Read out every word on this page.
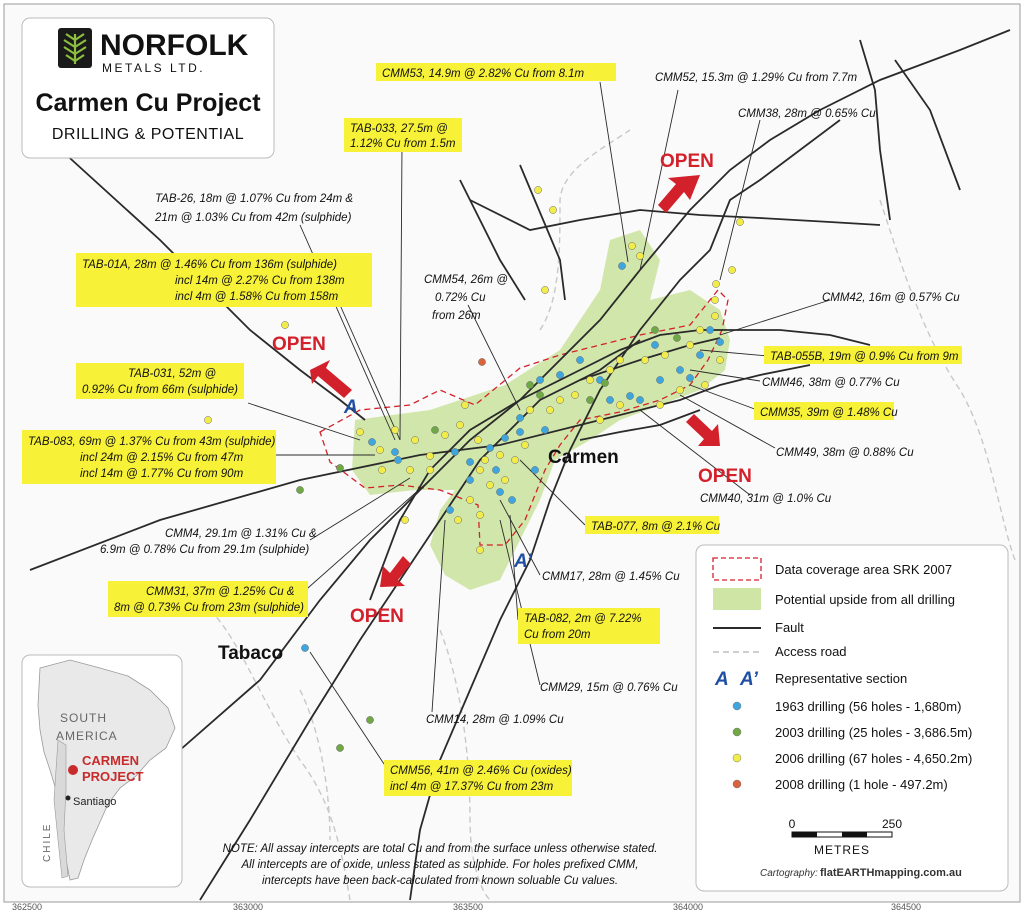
OPEN
OPEN
OPEN
OPEN
A
A’
Carmen
Tabaco
CMM53, 14.9m @ 2.82% Cu from 8.1m	CMM52, 15.3m @ 1.29% Cu from 7.7m
CMM38, 28m @ 0.65% Cu
TAB-033, 27.5m @
1.12% Cu from 1.5m
TAB-26, 18m @ 1.07% Cu from 24m &
21m @ 1.03% Cu from 42m (sulphide)
TAB-01A, 28m @ 1.46% Cu from 136m (sulphide)
incl 14m @ 2.27% Cu from 138m
incl 4m @ 1.58% Cu from 158m
CMM54, 26m @
0.72% Cu
from 26m
CMM42, 16m @ 0.57% Cu
TAB-055B, 19m @ 0.9% Cu from 9m
CMM46, 38m @ 0.77% Cu
CMM35, 39m @ 1.48% Cu
CMM49, 38m @ 0.88% Cu
TAB-031, 52m @
0.92% Cu from 66m (sulphide)
TAB-083, 69m @ 1.37% Cu from 43m (sulphide)
incl 24m @ 2.15% Cu from 47m
incl 14m @ 1.77% Cu from 90m
CMM40, 31m @ 1.0% Cu
TAB-077, 8m @ 2.1% Cu
CMM4, 29.1m @ 1.31% Cu &
6.9m @ 0.78% Cu from 29.1m (sulphide)
CMM17, 28m @ 1.45% Cu
CMM31, 37m @ 1.25% Cu &
8m @ 0.73% Cu from 23m (sulphide)
TAB-082, 2m @ 7.22%
Cu from 20m
CMM29, 15m @ 0.76% Cu
CMM14, 28m @ 1.09% Cu
CMM56, 41m @ 2.46% Cu (oxides)
incl 4m @ 17.37% Cu from 23m
NORFOLK
METALS LTD.
Carmen Cu Project
DRILLING & POTENTIAL
SOUTH
AMERICA
CARMEN
PROJECT
Santiago
CHILE
Data coverage area SRK 2007
Potential upside from all drilling
Fault
Access road
A A’ Representative section
1963 drilling (56 holes - 1,680m)
2003 drilling (25 holes - 3,686.5m)
2006 drilling (67 holes - 4,650.2m)
2008 drilling (1 hole - 497.2m)
0	250
METRES
Cartography: flatEARTHmapping.com.au
NOTE: All assay intercepts are total Cu and from the surface unless otherwise stated.
All intercepts are of oxide, unless stated as sulphide. For holes prefixed CMM,
intercepts have been back-calculated from known soluable Cu values.
362500	363000	363500	364000	364500
